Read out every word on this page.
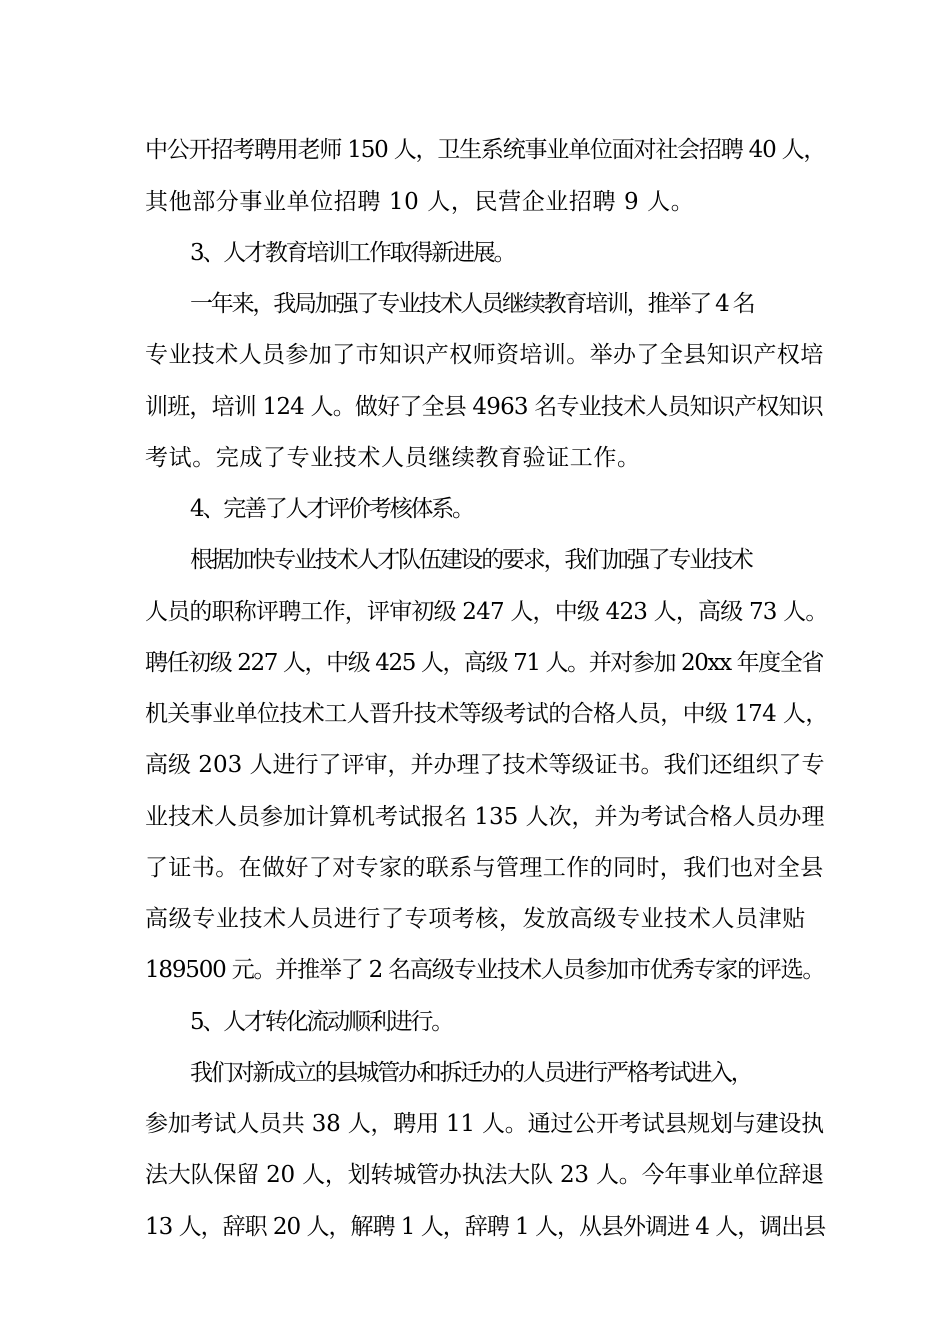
中公开招考聘用老师 150 人，卫生系统事业单位面对社会招聘 40 人，
其他部分事业单位招聘 10 人，民营企业招聘 9 人。
3、人才教育培训工作取得新进展。
一年来，我局加强了专业技术人员继续教育培训，推举了 4 名
专业技术人员参加了市知识产权师资培训。举办了全县知识产权培
训班，培训 124 人。做好了全县 4963 名专业技术人员知识产权知识
考试。完成了专业技术人员继续教育验证工作。
4、完善了人才评价考核体系。
根据加快专业技术人才队伍建设的要求，我们加强了专业技术
人员的职称评聘工作，评审初级 247 人，中级 423 人，高级 73 人。
聘任初级 227 人，中级 425 人，高级 71 人。并对参加 20xx 年度全省
机关事业单位技术工人晋升技术等级考试的合格人员，中级 174 人，
高级 203 人进行了评审，并办理了技术等级证书。我们还组织了专
业技术人员参加计算机考试报名 135 人次，并为考试合格人员办理
了证书。在做好了对专家的联系与管理工作的同时，我们也对全县
高级专业技术人员进行了专项考核，发放高级专业技术人员津贴
189500 元。并推举了 2 名高级专业技术人员参加市优秀专家的评选。
5、人才转化流动顺利进行。
我们对新成立的县城管办和拆迁办的人员进行严格考试进入，
参加考试人员共 38 人，聘用 11 人。通过公开考试县规划与建设执
法大队保留 20 人，划转城管办执法大队 23 人。今年事业单位辞退
13 人，辞职 20 人，解聘 1 人，辞聘 1 人，从县外调进 4 人，调出县
